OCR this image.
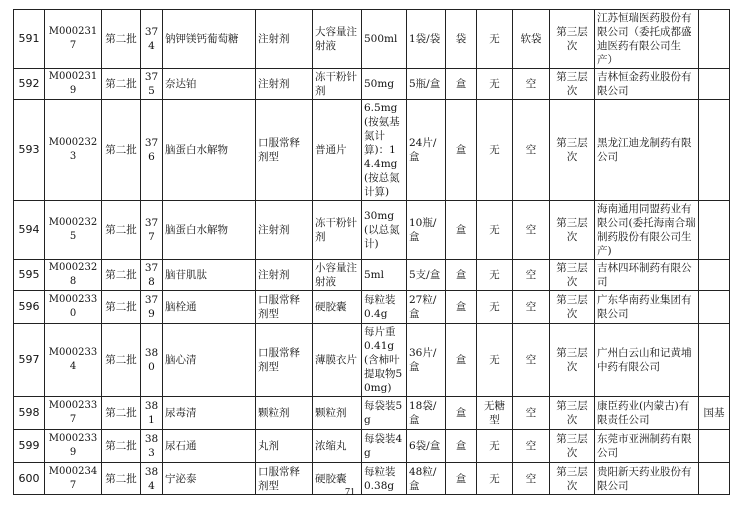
591	M0002317	第二批	374	钠钾镁钙葡萄糖	注射剂	大容量注射液	500ml	1袋/袋	袋	无	软袋	第三层次	江苏恒瑞医药股份有限公司（委托成都盛迪医药有限公司生产）	
592	M0002319	第二批	375	奈达铂	注射剂	冻干粉针剂	50mg	5瓶/盒	盒	无	空	第三层次	吉林恒金药业股份有限公司	
593	M0002323	第二批	376	脑蛋白水解物	口服常释剂型	普通片	6.5mg(按氨基氮计算)：14.4mg(按总氮计算)	24片/盒	盒	无	空	第三层次	黑龙江迪龙制药有限公司	
594	M0002325	第二批	377	脑蛋白水解物	注射剂	冻干粉针剂	30mg(以总氮计)	10瓶/盒	盒	无	空	第三层次	海南通用同盟药业有限公司(委托海南合瑞制药股份有限公司生产)	
595	M0002328	第二批	378	脑苷肌肽	注射剂	小容量注射液	5ml	5支/盒	盒	无	空	第三层次	吉林四环制药有限公司	
596	M0002330	第二批	379	脑栓通	口服常释剂型	硬胶囊	每粒装0.4g	27粒/盒	盒	无	空	第三层次	广东华南药业集团有限公司	
597	M0002334	第二批	380	脑心清	口服常释剂型	薄膜衣片	每片重0.41g(含柿叶提取物50mg)	36片/盒	盒	无	空	第三层次	广州白云山和记黄埔中药有限公司	
598	M0002337	第二批	381	尿毒清	颗粒剂	颗粒剂	每袋装5g	18袋/盒	盒	无糖型	空	第三层次	康臣药业(内蒙古)有限责任公司	国基
599	M0002339	第二批	383	尿石通	丸剂	浓缩丸	每袋装4g	6袋/盒	盒	无	空	第三层次	东莞市亚洲制药有限公司	
600	M0002347	第二批	384	宁泌泰	口服常释剂型	硬胶囊	每粒装0.38g	48粒/盒	盒	无	空	第三层次	贵阳新天药业股份有限公司	
71
